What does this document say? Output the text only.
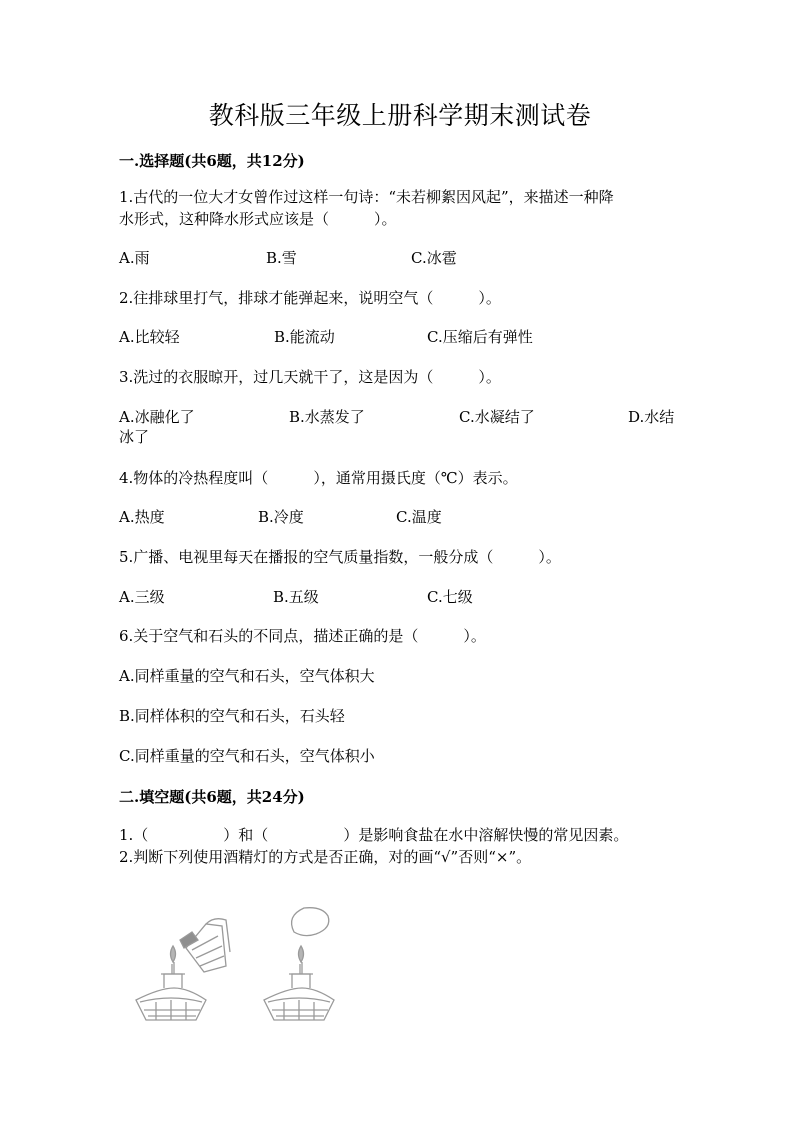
教科版三年级上册科学期末测试卷
一.选择题(共6题，共12分)
1.古代的一位大才女曾作过这样一句诗：“未若柳絮因风起”，来描述一种降
水形式，这种降水形式应该是（　　　）。
A.雨	B.雪	C.冰雹
2.往排球里打气，排球才能弹起来，说明空气（　　　）。
A.比较轻	B.能流动	C.压缩后有弹性
3.洗过的衣服晾开，过几天就干了，这是因为（　　　）。
A.冰融化了	B.水蒸发了	C.水凝结了	D.水结
冰了
4.物体的冷热程度叫（　　　），通常用摄氏度（℃）表示。
A.热度	B.冷度	C.温度
5.广播、电视里每天在播报的空气质量指数，一般分成（　　　）。
A.三级	B.五级	C.七级
6.关于空气和石头的不同点，描述正确的是（　　　）。
A.同样重量的空气和石头，空气体积大
B.同样体积的空气和石头，石头轻
C.同样重量的空气和石头，空气体积小
二.填空题(共6题，共24分)
1.（　　　　　）和（　　　　　）是影响食盐在水中溶解快慢的常见因素。
2.判断下列使用酒精灯的方式是否正确，对的画“√”否则“×”。
